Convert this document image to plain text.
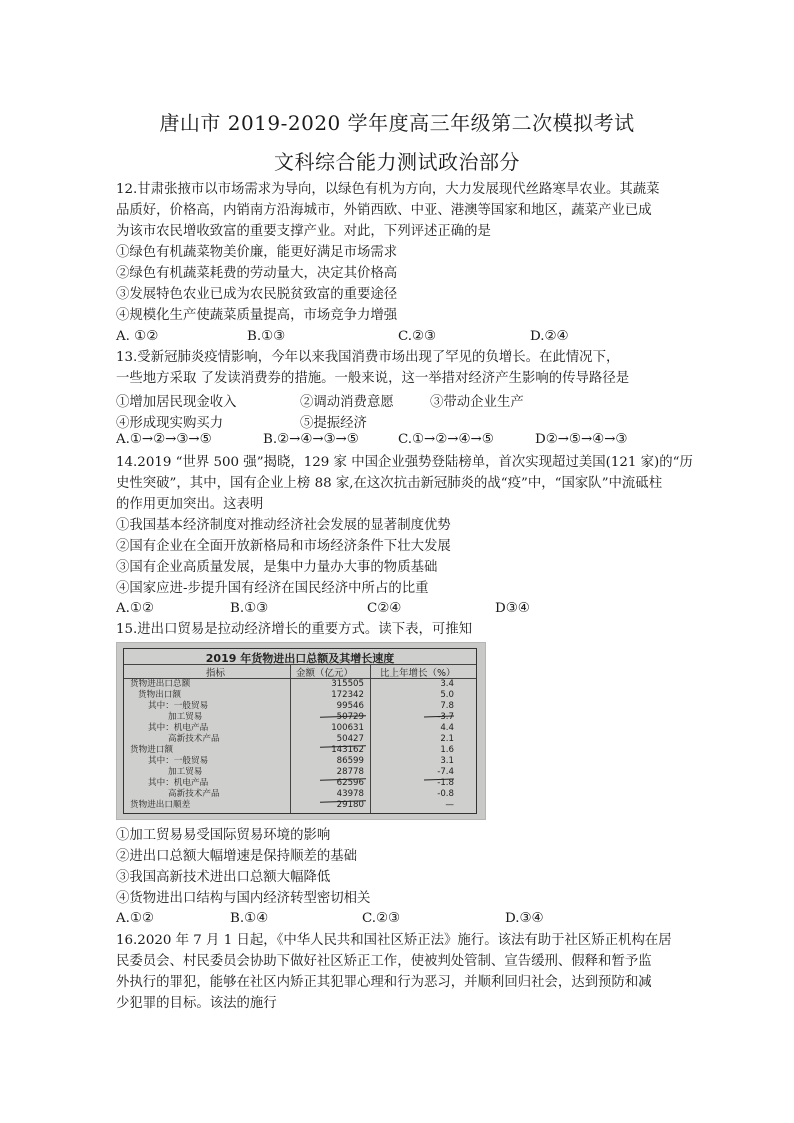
唐山市 2019-2020 学年度高三年级第二次模拟考试
文科综合能力测试政治部分
12.甘肃张掖市以市场需求为导向，以绿色有机为方向，大力发展现代丝路寒旱农业。其蔬菜
品质好，价格高，内销南方沿海城市，外销西欧、中亚、港澳等国家和地区，蔬菜产业已成
为该市农民增收致富的重要支撑产业。对此，下列评述正确的是
①绿色有机蔬菜物美价廉，能更好满足市场需求
②绿色有机蔬菜耗费的劳动量大，决定其价格高
③发展特色农业已成为农民脱贫致富的重要途径
④规模化生产使蔬菜质量提高，市场竞争力增强
A. ①②	B.①③	C.②③	D.②④
13.受新冠肺炎疫情影响，今年以来我国消费市场出现了罕见的负增长。在此情况下，
一些地方采取 了发读消费券的措施。一般来说，这一举措对经济产生影响的传导路径是
①增加居民现金收入	②调动消费意愿	③带动企业生产
④形成现实购买力	⑤提振经济
A.①→②→③→⑤	B.②→④→③→⑤	C.①→②→④→⑤	D②→⑤→④→③
14.2019 “世界 500 强”揭晓，129 家 中国企业强势登陆榜单，首次实现超过美国(121 家)的“历
史性突破”，其中，国有企业上榜 88 家,在这次抗击新冠肺炎的战“疫”中，“国家队”中流砥柱
的作用更加突出。这表明
①我国基本经济制度对推动经济社会发展的显著制度优势
②国有企业在全面开放新格局和市场经济条件下壮大发展
③国有企业高质量发展，是集中力量办大事的物质基础
④国家应进-步提升国有经济在国民经济中所占的比重
A.①②	B.①③	C②④	D③④
15.进出口贸易是拉动经济增长的重要方式。读下表，可推知
2019 年货物进出口总额及其增长速度
指标	金额（亿元）	比上年增长（%）
货物进出口总额	315505	3.4
货物出口额	172342	5.0
其中：一般贸易	99546	7.8
加工贸易	50729	-3.7
其中：机电产品	100631	4.4
高新技术产品	50427	2.1
货物进口额	143162	1.6
其中：一般贸易	86599	3.1
加工贸易	28778	-7.4
其中：机电产品	62596	-1.8
高新技术产品	43978	-0.8
货物进出口顺差	29180	—
①加工贸易易受国际贸易环境的影响
②进出口总额大幅增速是保持顺差的基础
③我国高新技术进出口总额大幅降低
④货物进出口结构与国内经济转型密切相关
A.①②	B.①④	C.②③	D.③④
16.2020 年 7 月 1 日起，《中华人民共和国社区矫正法》施行。该法有助于社区矫正机构在居
民委员会、村民委员会协助下做好社区矫正工作，使被判处管制、宣告缓刑、假释和暂予监
外执行的罪犯，能够在社区内矫正其犯罪心理和行为恶习，并顺利回归社会，达到预防和减
少犯罪的目标。该法的施行
